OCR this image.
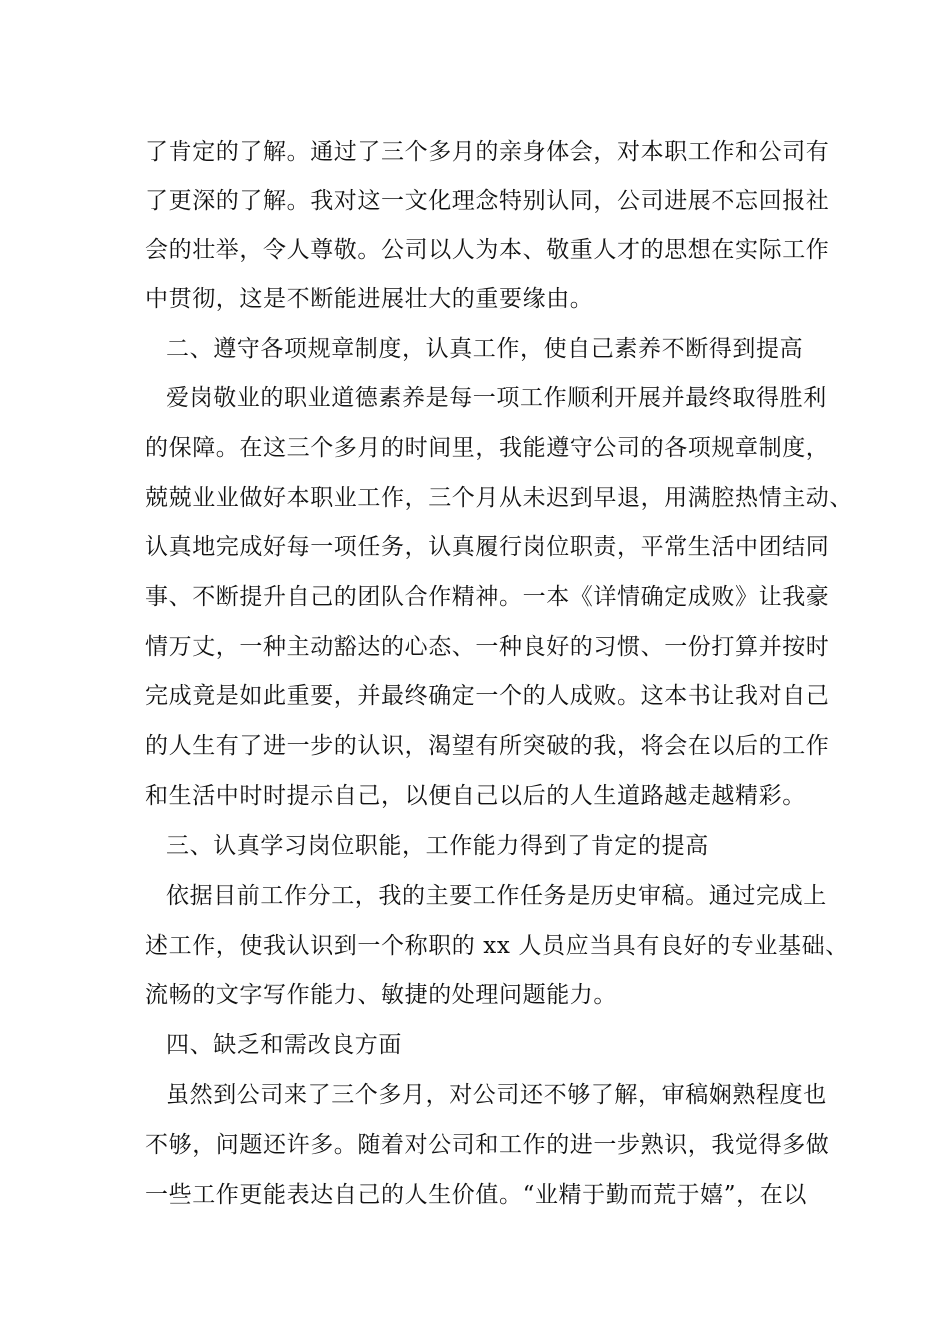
了肯定的了解。通过了三个多月的亲身体会，对本职工作和公司有
了更深的了解。我对这一文化理念特别认同，公司进展不忘回报社
会的壮举，令人尊敬。公司以人为本、敬重人才的思想在实际工作
中贯彻，这是不断能进展壮大的重要缘由。
二、遵守各项规章制度，认真工作，使自己素养不断得到提高
爱岗敬业的职业道德素养是每一项工作顺利开展并最终取得胜利
的保障。在这三个多月的时间里，我能遵守公司的各项规章制度，
兢兢业业做好本职业工作，三个月从未迟到早退，用满腔热情主动、
认真地完成好每一项任务，认真履行岗位职责，平常生活中团结同
事、不断提升自己的团队合作精神。一本《详情确定成败》让我豪
情万丈，一种主动豁达的心态、一种良好的习惯、一份打算并按时
完成竟是如此重要，并最终确定一个的人成败。这本书让我对自己
的人生有了进一步的认识，渴望有所突破的我，将会在以后的工作
和生活中时时提示自己，以便自己以后的人生道路越走越精彩。
三、认真学习岗位职能，工作能力得到了肯定的提高
依据目前工作分工，我的主要工作任务是历史审稿。通过完成上
述工作，使我认识到一个称职的 xx 人员应当具有良好的专业基础、
流畅的文字写作能力、敏捷的处理问题能力。
四、缺乏和需改良方面
虽然到公司来了三个多月，对公司还不够了解，审稿娴熟程度也
不够，问题还许多。随着对公司和工作的进一步熟识，我觉得多做
一些工作更能表达自己的人生价值。“业精于勤而荒于嬉”，在以
